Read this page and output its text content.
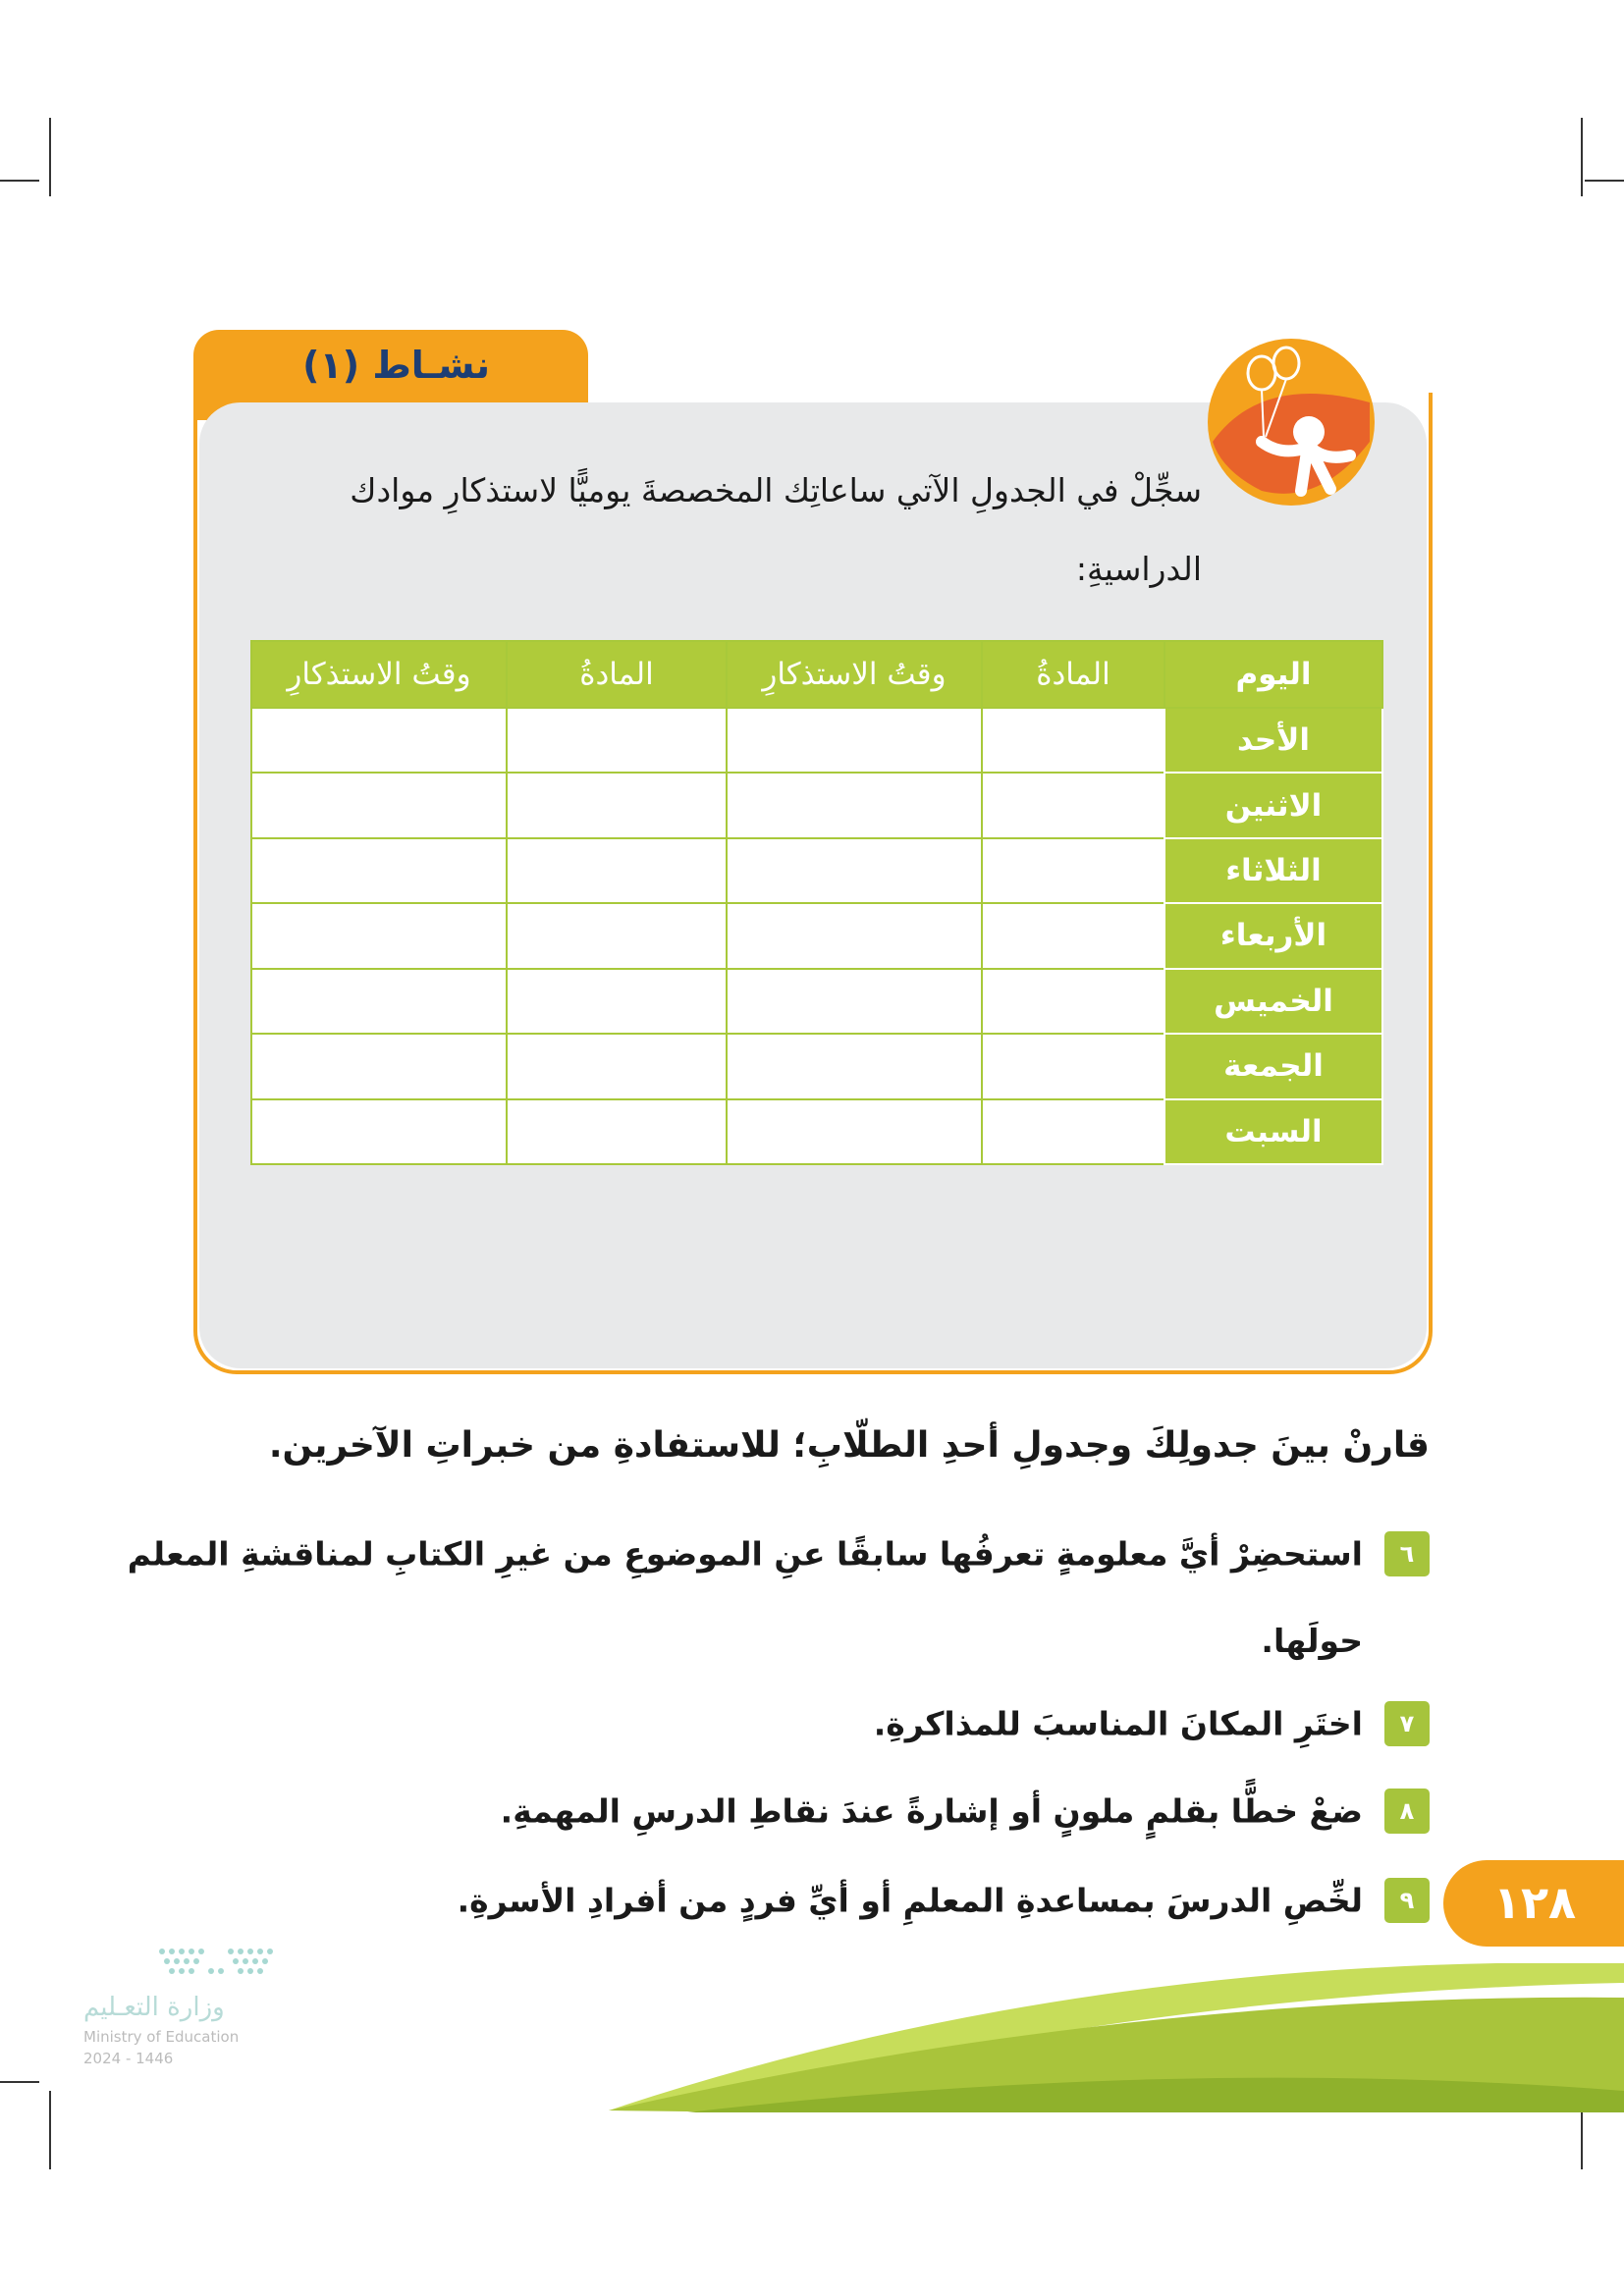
نشـاط (١)
سجِّلْ في الجدولِ الآتي ساعاتِك المخصصةَ يوميًّا لاستذكارِ موادك
الدراسيةِ:
اليوم	المادةُ	وقتُ الاستذكارِ	المادةُ	وقتُ الاستذكارِ
الأحد				
الاثنين				
الثلاثاء				
الأربعاء				
الخميس				
الجمعة				
السبت				
قارنْ بينَ جدولِكَ وجدولِ أحدِ الطلّابِ؛ للاستفادةِ من خبراتِ الآخرين.
٦استحضِرْ أيَّ معلومةٍ تعرفُها سابقًا عنِ الموضوعِ من غيرِ الكتابِ لمناقشةِ المعلم
حولَها.
٧اختَرِ المكانَ المناسبَ للمذاكرةِ.
٨ضعْ خطًّا بقلمٍ ملونٍ أو إشارةً عندَ نقاطِ الدرسِ المهمةِ.
٩لخِّصِ الدرسَ بمساعدةِ المعلمِ أو أيِّ فردٍ من أفرادِ الأسرةِ.	١٢٨
وزارة التعـليم
Ministry of Education
2024 - 1446
